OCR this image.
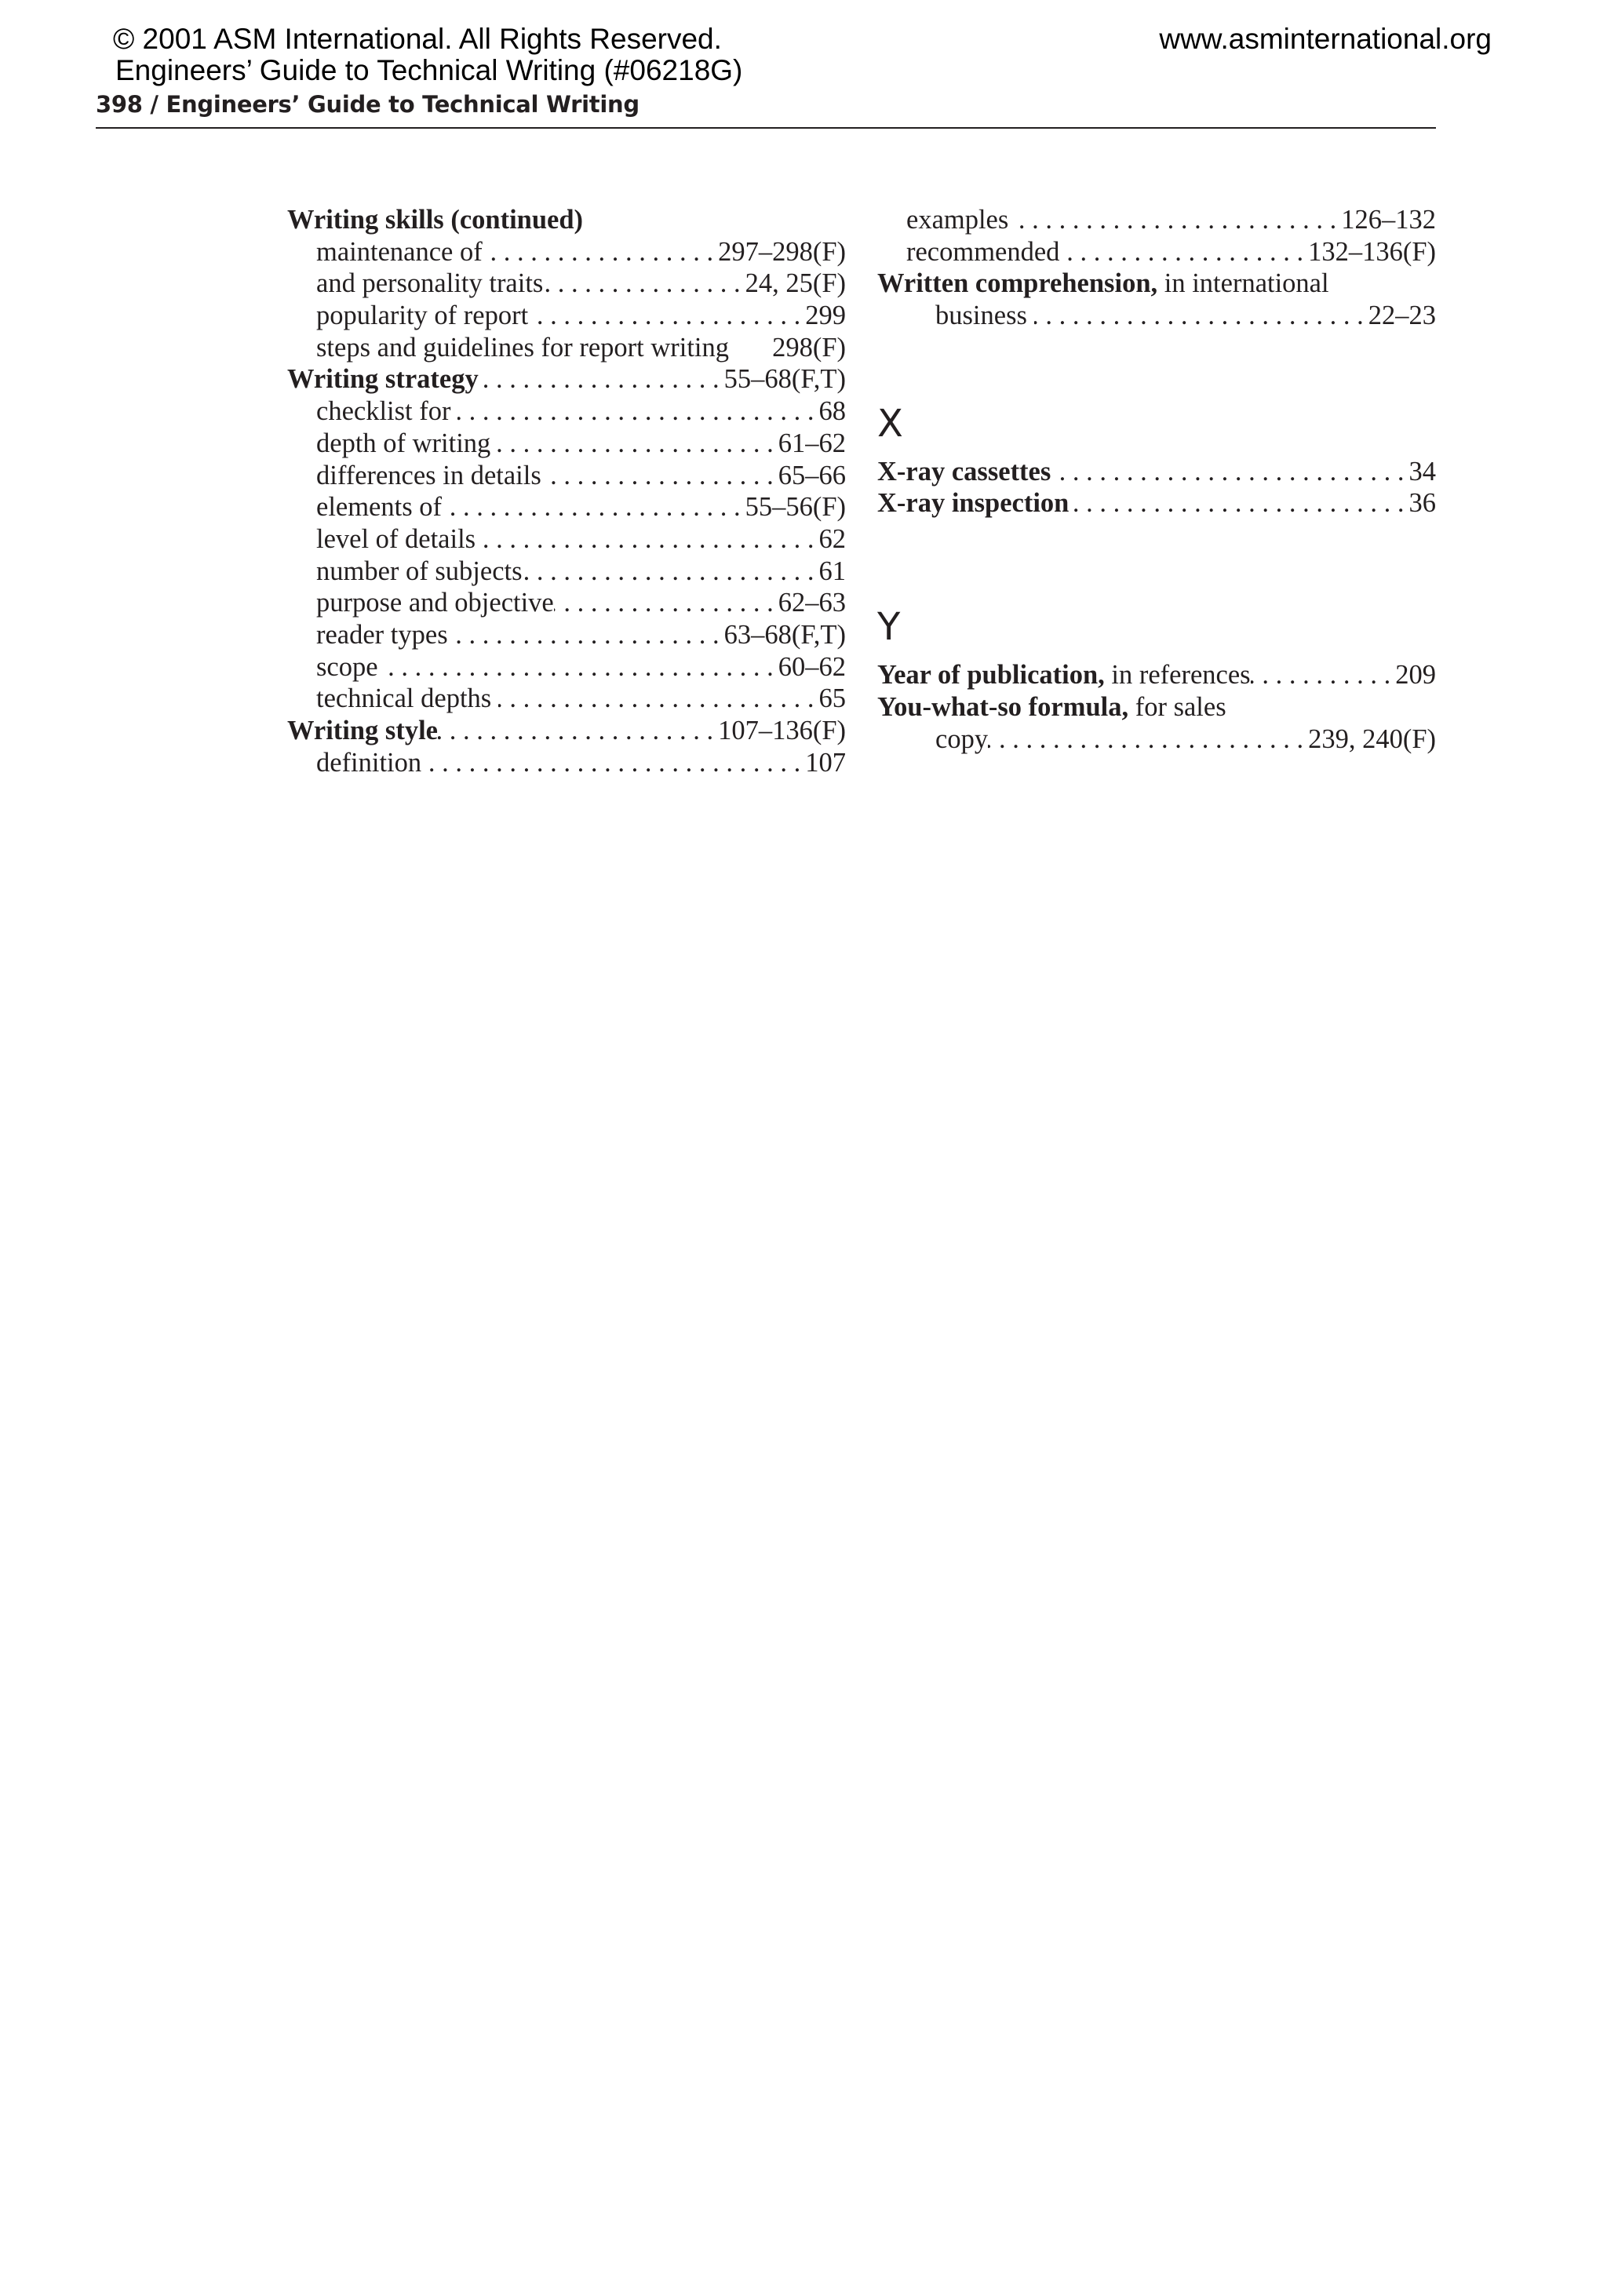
© 2001 ASM International. All Rights Reserved.
Engineers’ Guide to Technical Writing (#06218G)
www.asminternational.org
398 / Engineers’ Guide to Technical Writing
Writing skills (continued)
maintenance of . . .	297–298(F)
and personality traits . . .	24, 25(F)
popularity of report . . .	299
steps and guidelines for report writing 298(F)
Writing strategy . . .	55–68(F,T)
checklist for . . .	68
depth of writing . . .	61–62
differences in details . . .	65–66
elements of . . .	55–56(F)
level of details . . .	62
number of subjects . . .	61
purpose and objective . . .	62–63
reader types . . .	63–68(F,T)
scope . . .	60–62
technical depths . . .	65
Writing style . . .	107–136(F)
definition . . .	107
examples . . .	126–132
recommended . . .	132–136(F)
Written comprehension, in international
business . . .	22–23
X
X-ray cassettes . . .	34
X-ray inspection . . .	36
Y
Year of publication, in references . . .	209
You-what-so formula, for sales
copy . . .	239, 240(F)
